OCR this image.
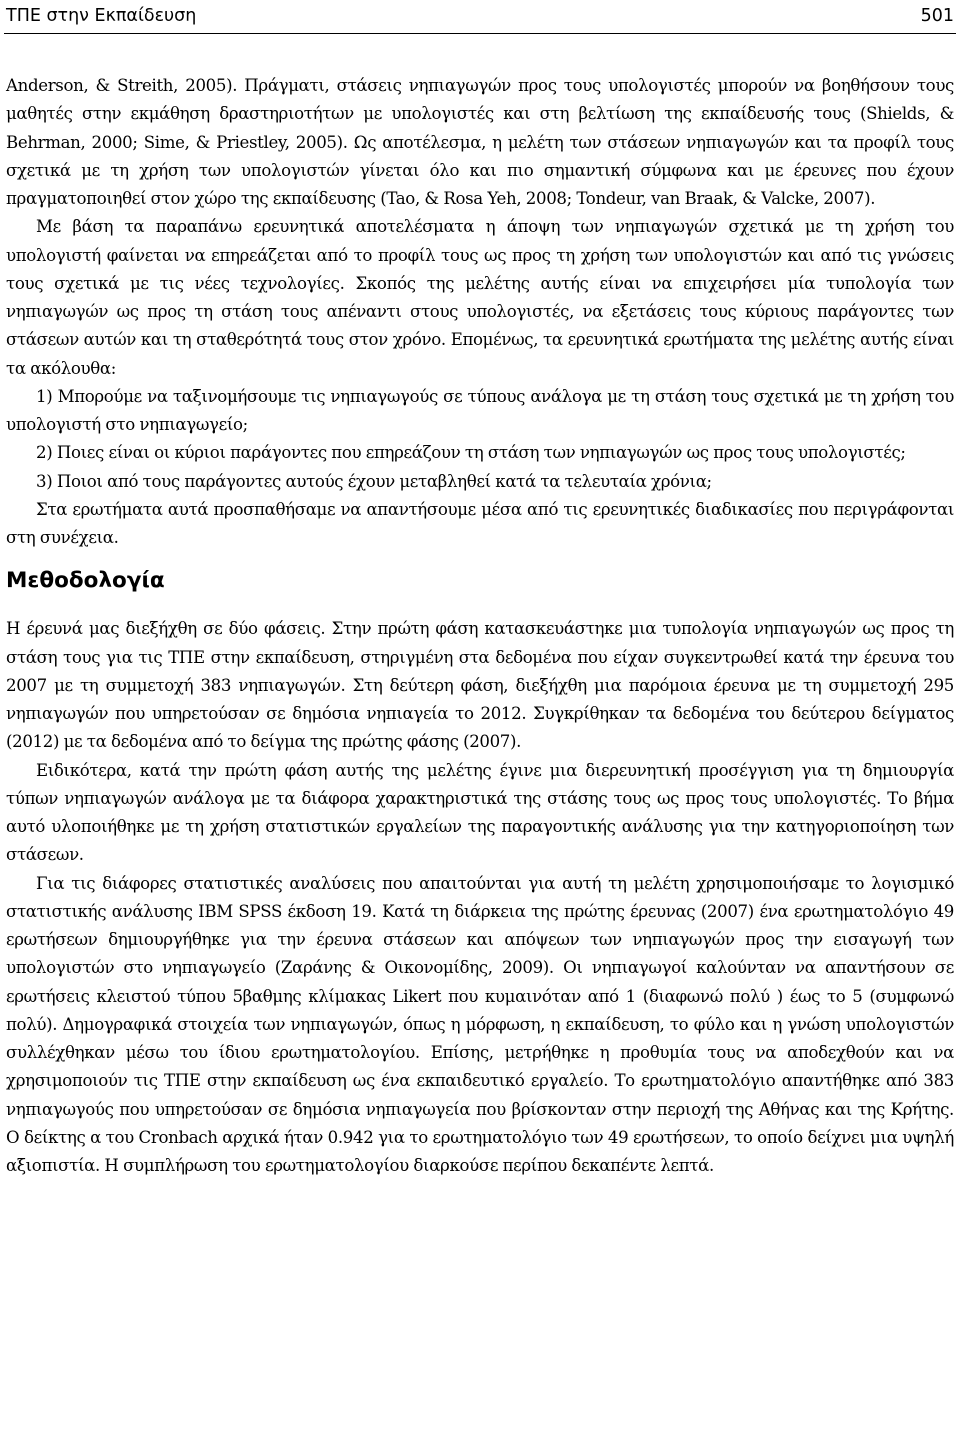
ΤΠΕ στην Εκπαίδευση	501

Anderson, & Streith, 2005). Πράγματι, στάσεις νηπιαγωγών προς τους υπολογιστές μπορούν να βοηθήσουν τους μαθητές στην εκμάθηση δραστηριοτήτων με υπολογιστές και στη βελτίωση της εκπαίδευσής τους (Shields, & Behrman, 2000; Sime, & Priestley, 2005). Ως αποτέλεσμα, η μελέτη των στάσεων νηπιαγωγών και τα προφίλ τους σχετικά με τη χρήση των υπολογιστών γίνεται όλο και πιο σημαντική σύμφωνα και με έρευνες που έχουν πραγματοποιηθεί στον χώρο της εκπαίδευσης (Tao, & Rosa Yeh, 2008; Tondeur, van Braak, & Valcke, 2007).

Με βάση τα παραπάνω ερευνητικά αποτελέσματα η άποψη των νηπιαγωγών σχετικά με τη χρήση του υπολογιστή φαίνεται να επηρεάζεται από το προφίλ τους ως προς τη χρήση των υπολογιστών και από τις γνώσεις τους σχετικά με τις νέες τεχνολογίες. Σκοπός της μελέτης αυτής είναι να επιχειρήσει μία τυπολογία των νηπιαγωγών ως προς τη στάση τους απέναντι στους υπολογιστές, να εξετάσεις τους κύριους παράγοντες των στάσεων αυτών και τη σταθερότητά τους στον χρόνο. Επομένως, τα ερευνητικά ερωτήματα της μελέτης αυτής είναι τα ακόλουθα:

1) Μπορούμε να ταξινομήσουμε τις νηπιαγωγούς σε τύπους ανάλογα με τη στάση τους σχετικά με τη χρήση του υπολογιστή στο νηπιαγωγείο;

2) Ποιες είναι οι κύριοι παράγοντες που επηρεάζουν τη στάση των νηπιαγωγών ως προς τους υπολογιστές;

3) Ποιοι από τους παράγοντες αυτούς έχουν μεταβληθεί κατά τα τελευταία χρόνια;

Στα ερωτήματα αυτά προσπαθήσαμε να απαντήσουμε μέσα από τις ερευνητικές διαδικασίες που περιγράφονται στη συνέχεια.

Μεθοδολογία

Η έρευνά μας διεξήχθη σε δύο φάσεις. Στην πρώτη φάση κατασκευάστηκε μια τυπολογία νηπιαγωγών ως προς τη στάση τους για τις ΤΠΕ στην εκπαίδευση, στηριγμένη στα δεδομένα που είχαν συγκεντρωθεί κατά την έρευνα του 2007 με τη συμμετοχή 383 νηπιαγωγών. Στη δεύτερη φάση, διεξήχθη μια παρόμοια έρευνα με τη συμμετοχή 295 νηπιαγωγών που υπηρετούσαν σε δημόσια νηπιαγεία το 2012. Συγκρίθηκαν τα δεδομένα του δεύτερου δείγματος (2012) με τα δεδομένα από το δείγμα της πρώτης φάσης (2007).

Ειδικότερα, κατά την πρώτη φάση αυτής της μελέτης έγινε μια διερευνητική προσέγγιση για τη δημιουργία τύπων νηπιαγωγών ανάλογα με τα διάφορα χαρακτηριστικά της στάσης τους ως προς τους υπολογιστές. Το βήμα αυτό υλοποιήθηκε με τη χρήση στατιστικών εργαλείων της παραγοντικής ανάλυσης για την κατηγοριοποίηση των στάσεων.

Για τις διάφορες στατιστικές αναλύσεις που απαιτούνται για αυτή τη μελέτη χρησιμοποιήσαμε το λογισμικό στατιστικής ανάλυσης IBM SPSS έκδοση 19. Κατά τη διάρκεια της πρώτης έρευνας (2007) ένα ερωτηματολόγιο 49 ερωτήσεων δημιουργήθηκε για την έρευνα στάσεων και απόψεων των νηπιαγωγών προς την εισαγωγή των υπολογιστών στο νηπιαγωγείο (Ζαράνης & Οικονομίδης, 2009). Οι νηπιαγωγοί καλούνταν να απαντήσουν σε ερωτήσεις κλειστού τύπου 5βαθμης κλίμακας Likert που κυμαινόταν από 1 (διαφωνώ πολύ ) έως το 5 (συμφωνώ πολύ). Δημογραφικά στοιχεία των νηπιαγωγών, όπως η μόρφωση, η εκπαίδευση, το φύλο και η γνώση υπολογιστών συλλέχθηκαν μέσω του ίδιου ερωτηματολογίου. Επίσης, μετρήθηκε η προθυμία τους να αποδεχθούν και να χρησιμοποιούν τις ΤΠΕ στην εκπαίδευση ως ένα εκπαιδευτικό εργαλείο. Το ερωτηματολόγιο απαντήθηκε από 383 νηπιαγωγούς που υπηρετούσαν σε δημόσια νηπιαγωγεία που βρίσκονταν στην περιοχή της Αθήνας και της Κρήτης. Ο δείκτης α του Cronbach αρχικά ήταν 0.942 για το ερωτηματολόγιο των 49 ερωτήσεων, το οποίο δείχνει μια υψηλή αξιοπιστία. Η συμπλήρωση του ερωτηματολογίου διαρκούσε περίπου δεκαπέντε λεπτά.
